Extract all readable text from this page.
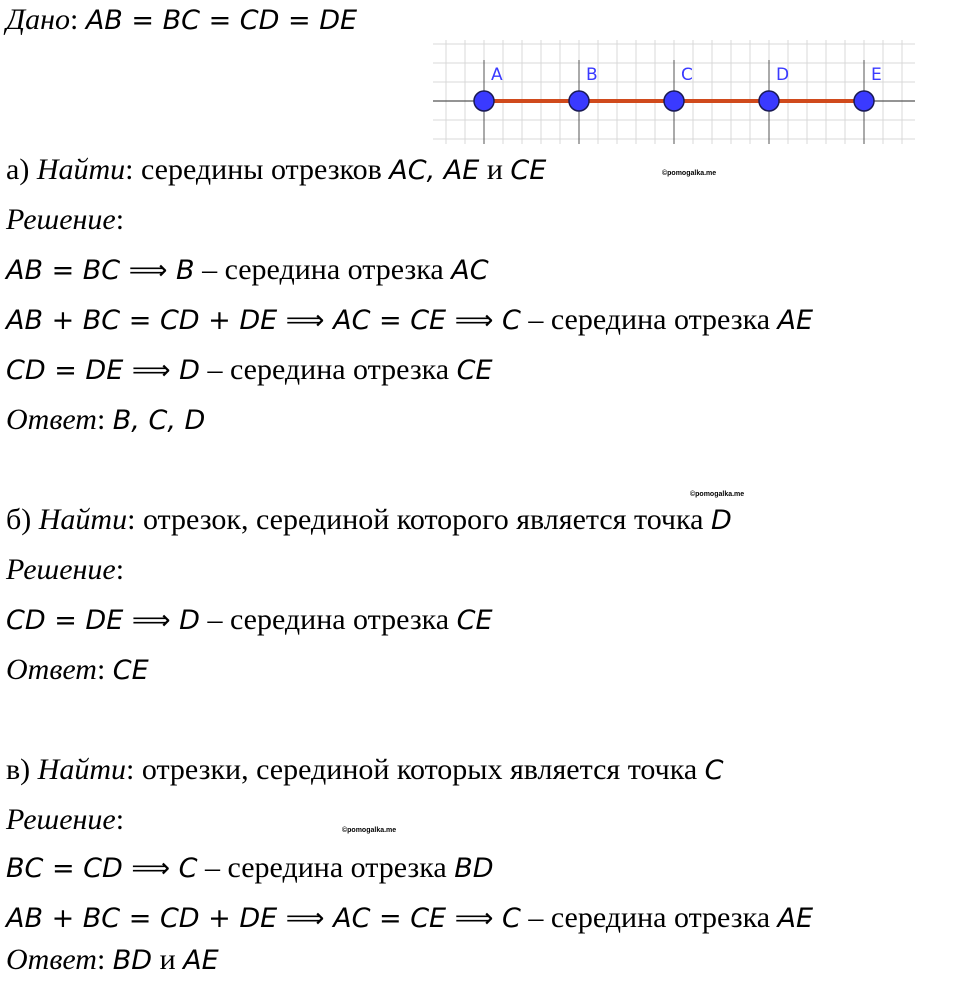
Дано: AB = BC = CD = DE
A	B	C	D	E
а) Найти: середины отрезков AC, AE и CE	©pomogalka.me
Решение:
AB = BC ⟹ B – середина отрезка AC
AB + BC = CD + DE ⟹ AC = CE ⟹ C – середина отрезка AE
CD = DE ⟹ D – середина отрезка CE
Ответ: B, C, D
©pomogalka.me
б) Найти: отрезок, серединой которого является точка D
Решение:
CD = DE ⟹ D – середина отрезка CE
Ответ: CE
в) Найти: отрезки, серединой которых является точка C
Решение:	©pomogalka.me
BC = CD ⟹ C – середина отрезка BD
AB + BC = CD + DE ⟹ AC = CE ⟹ C – середина отрезка AE
Ответ: BD и AE
